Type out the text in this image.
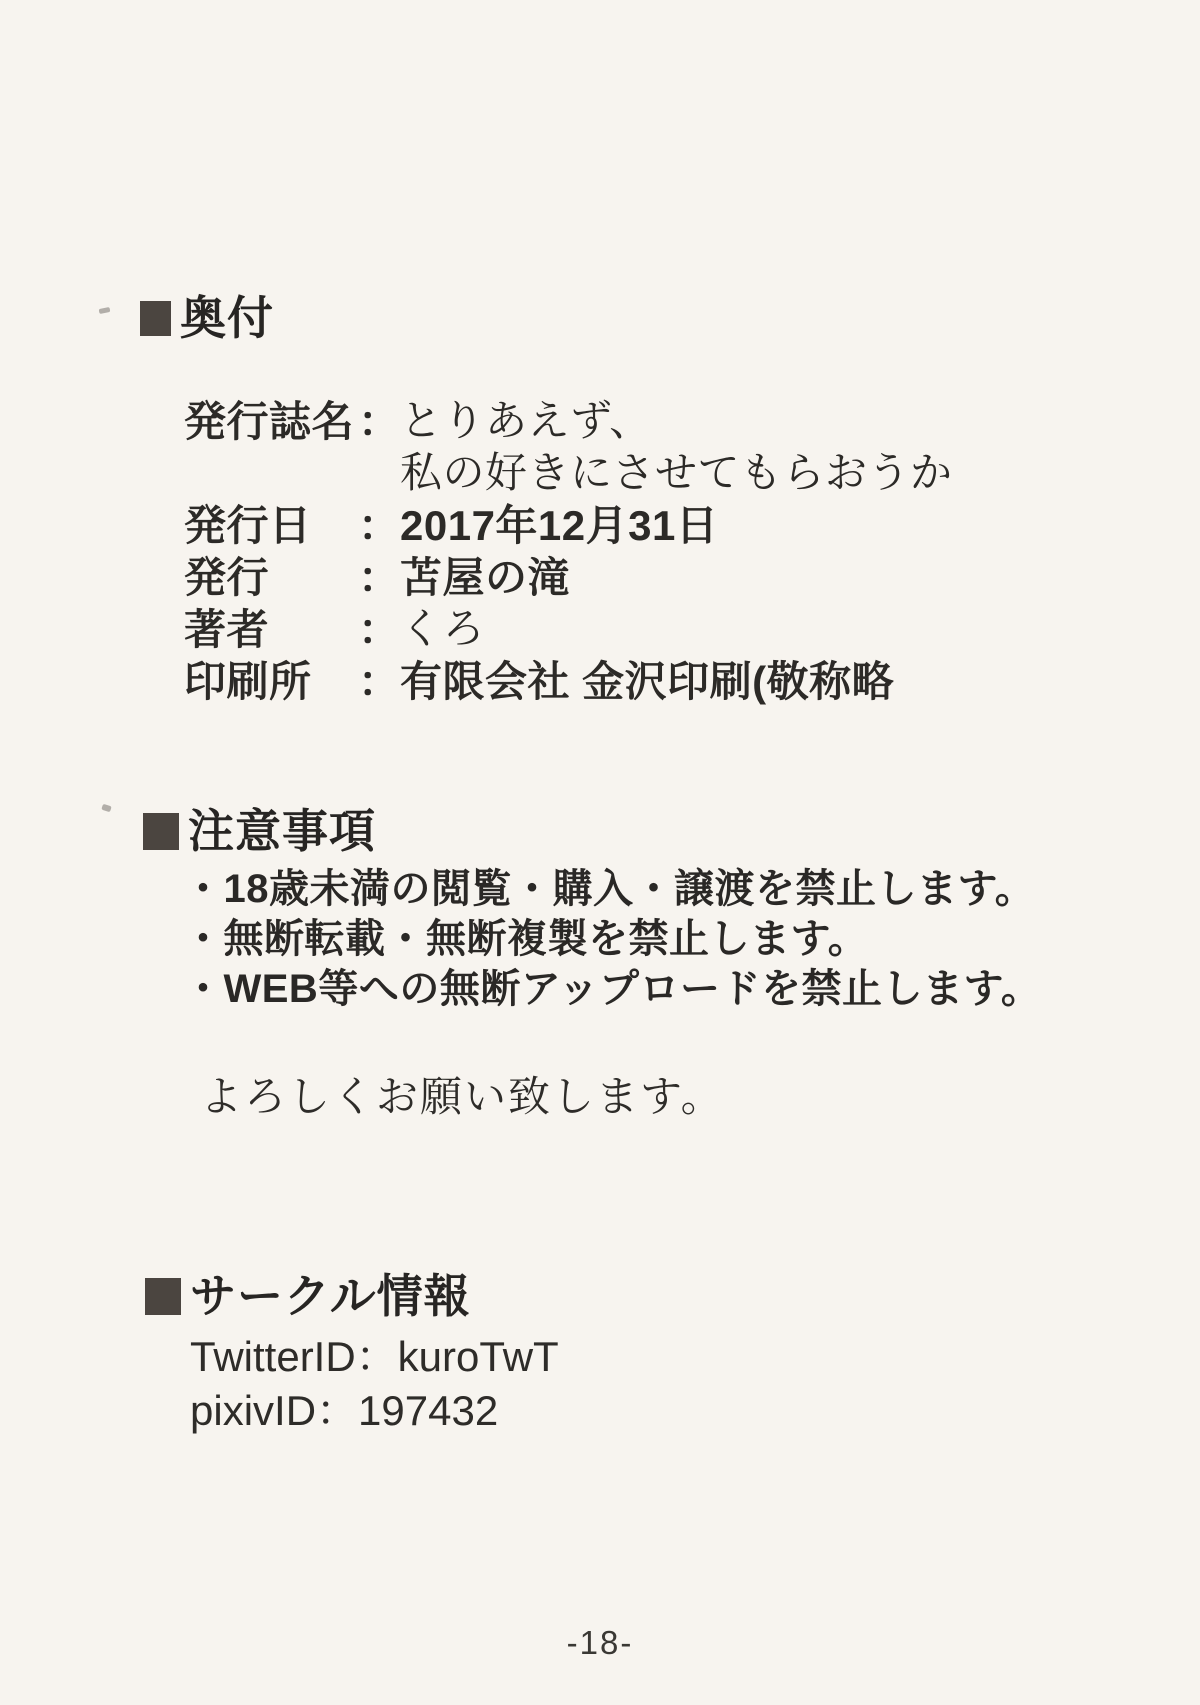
奥付
発行誌名 ： とりあえず、
私の好きにさせてもらおうか
発行日	： 2017年12月31日
発行	： 苫屋の滝
著者	： くろ
印刷所	： 有限会社 金沢印刷(敬称略
注意事項
・18歳未満の閲覧・購入・譲渡を禁止します。
・無断転載・無断複製を禁止します。
・WEB等への無断アップロードを禁止します。
よろしくお願い致します。
サークル情報
TwitterID：kuroTwT
pixivID：197432
-18-
